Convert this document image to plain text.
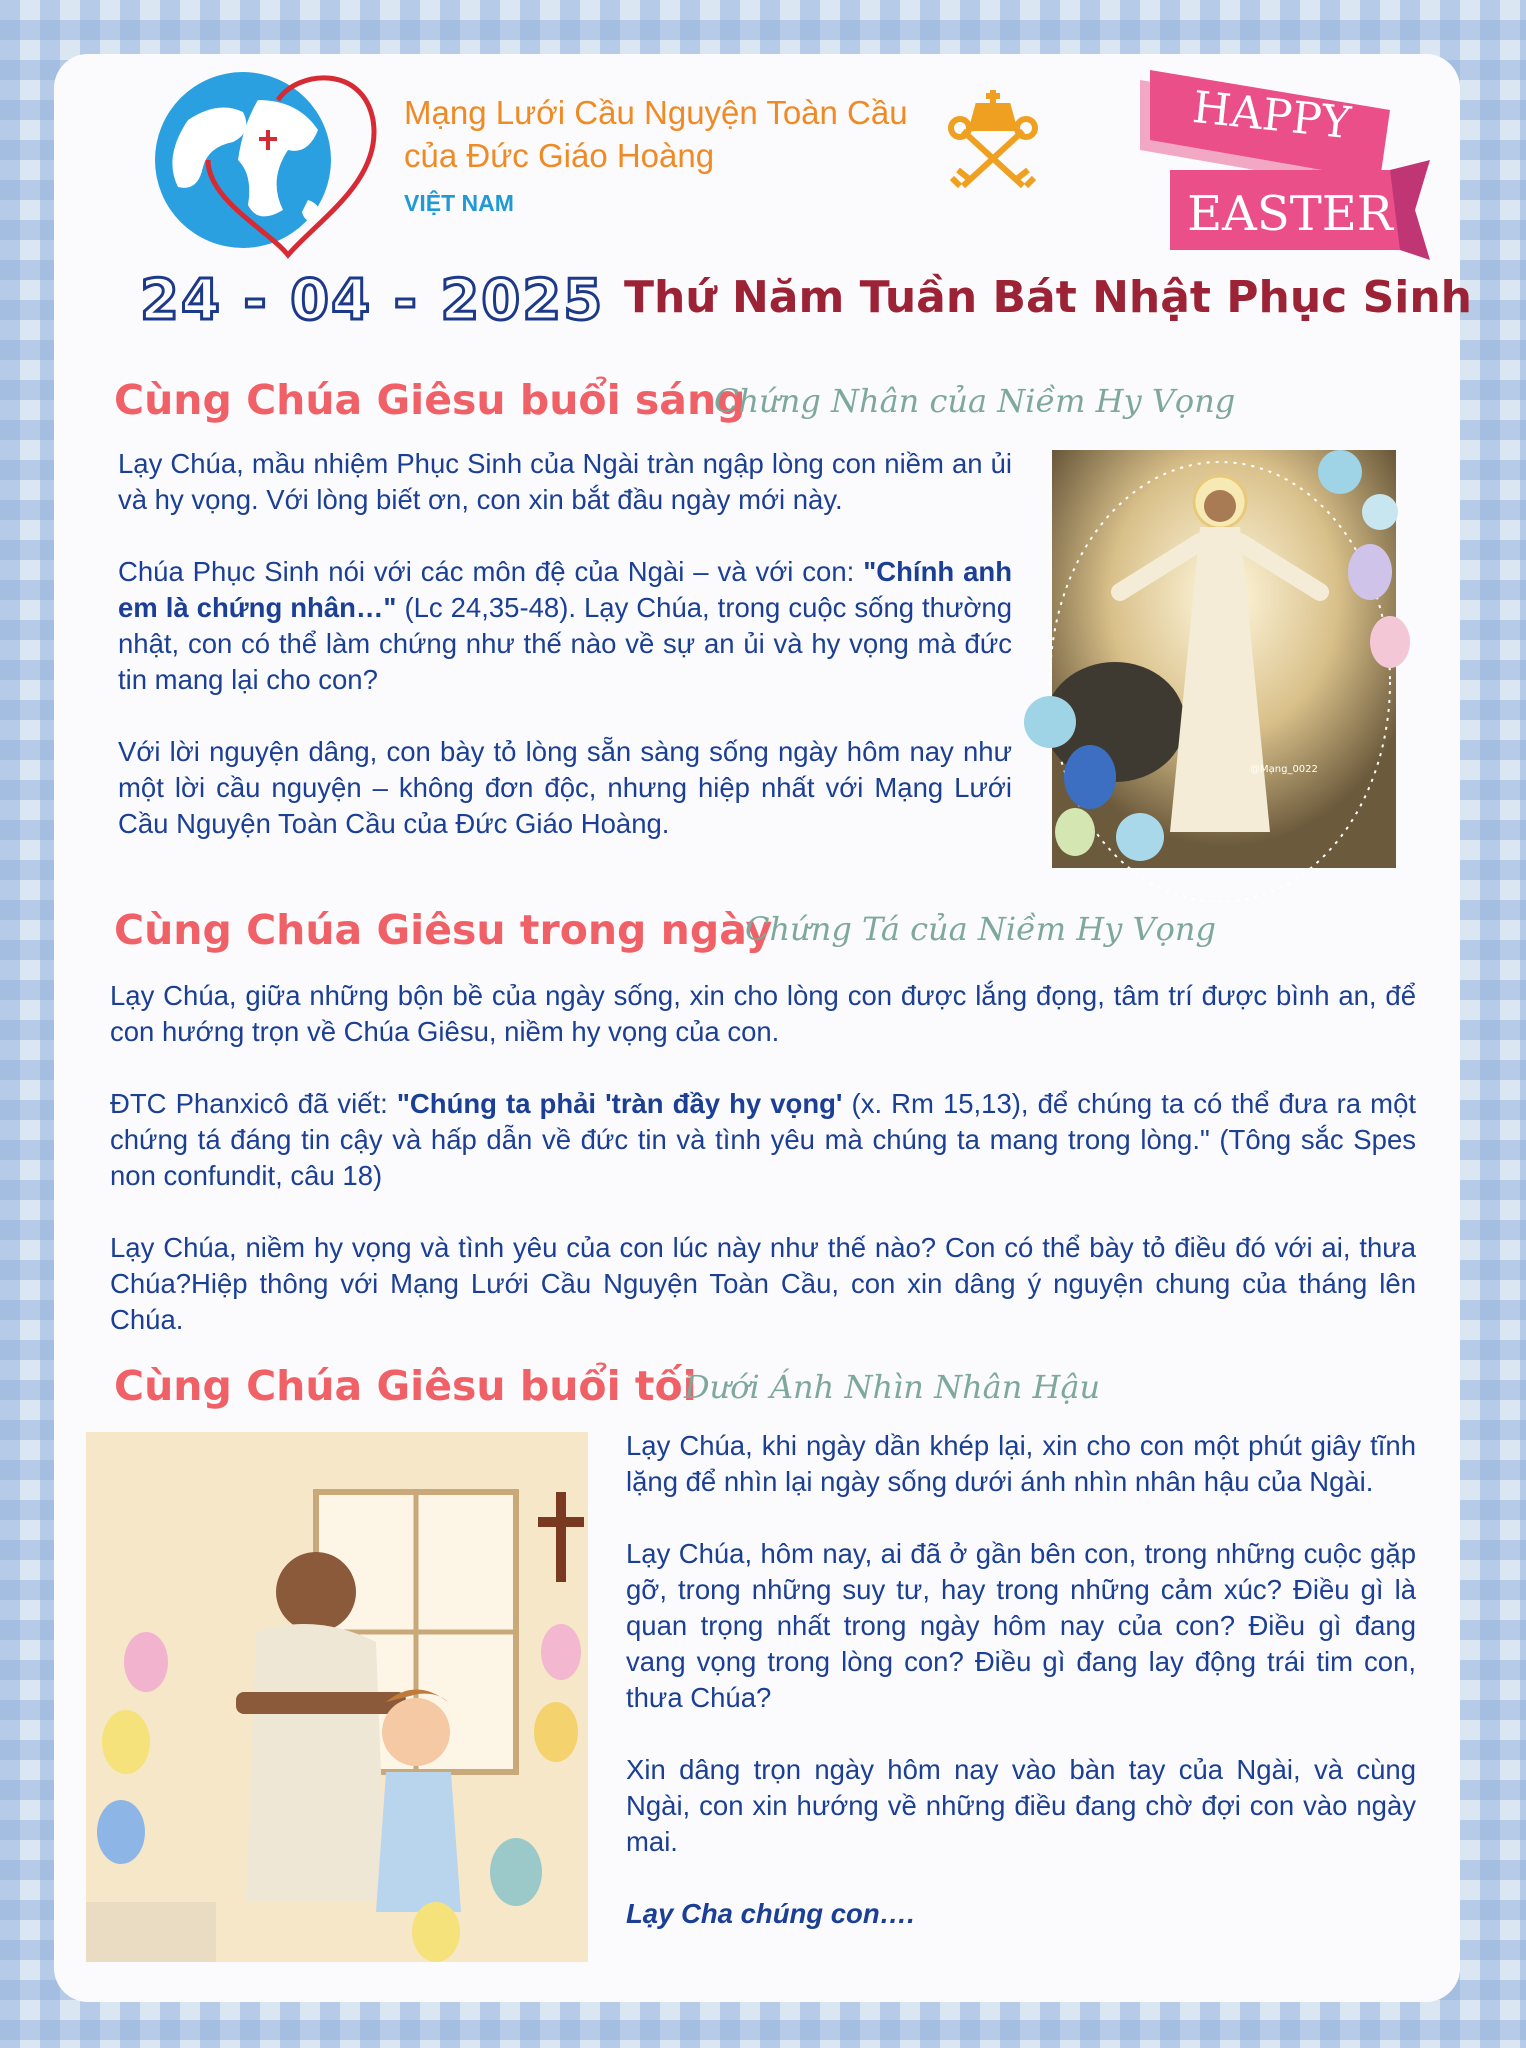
Mạng Lưới Cầu Nguyện Toàn Cầu
của Đức Giáo Hoàng
VIỆT NAM
HAPPY
EASTER
24 - 04 - 2025 Thứ Năm Tuần Bát Nhật Phục Sinh
Cùng Chúa Giêsu buổi sáng
Chứng Nhân của Niềm Hy Vọng

Lạy Chúa, mầu nhiệm Phục Sinh của Ngài tràn ngập lòng con niềm an ủi và hy vọng. Với lòng biết ơn, con xin bắt đầu ngày mới này.

Chúa Phục Sinh nói với các môn đệ của Ngài – và với con: "Chính anh em là chứng nhân…" (Lc 24,35-48). Lạy Chúa, trong cuộc sống thường nhật, con có thể làm chứng như thế nào về sự an ủi và hy vọng mà đức tin mang lại cho con?

Với lời nguyện dâng, con bày tỏ lòng sẵn sàng sống ngày hôm nay như một lời cầu nguyện – không đơn độc, nhưng hiệp nhất với Mạng Lưới Cầu Nguyện Toàn Cầu của Đức Giáo Hoàng.

@Mạng_0022
Cùng Chúa Giêsu trong ngày
Chứng Tá của Niềm Hy Vọng

Lạy Chúa, giữa những bộn bề của ngày sống, xin cho lòng con được lắng đọng, tâm trí được bình an, để con hướng trọn về Chúa Giêsu, niềm hy vọng của con.

ĐTC Phanxicô đã viết: "Chúng ta phải 'tràn đầy hy vọng' (x. Rm 15,13), để chúng ta có thể đưa ra một chứng tá đáng tin cậy và hấp dẫn về đức tin và tình yêu mà chúng ta mang trong lòng." (Tông sắc Spes non confundit, câu 18)

Lạy Chúa, niềm hy vọng và tình yêu của con lúc này như thế nào? Con có thể bày tỏ điều đó với ai, thưa Chúa?Hiệp thông với Mạng Lưới Cầu Nguyện Toàn Cầu, con xin dâng ý nguyện chung của tháng lên Chúa.

Cùng Chúa Giêsu buổi tối
Dưới Ánh Nhìn Nhân Hậu

Lạy Chúa, khi ngày dần khép lại, xin cho con một phút giây tĩnh lặng để nhìn lại ngày sống dưới ánh nhìn nhân hậu của Ngài.

Lạy Chúa, hôm nay, ai đã ở gần bên con, trong những cuộc gặp gỡ, trong những suy tư, hay trong những cảm xúc? Điều gì là quan trọng nhất trong ngày hôm nay của con? Điều gì đang vang vọng trong lòng con? Điều gì đang lay động trái tim con, thưa Chúa?

Xin dâng trọn ngày hôm nay vào bàn tay của Ngài, và cùng Ngài, con xin hướng về những điều đang chờ đợi con vào ngày mai.

Lạy Cha chúng con….
